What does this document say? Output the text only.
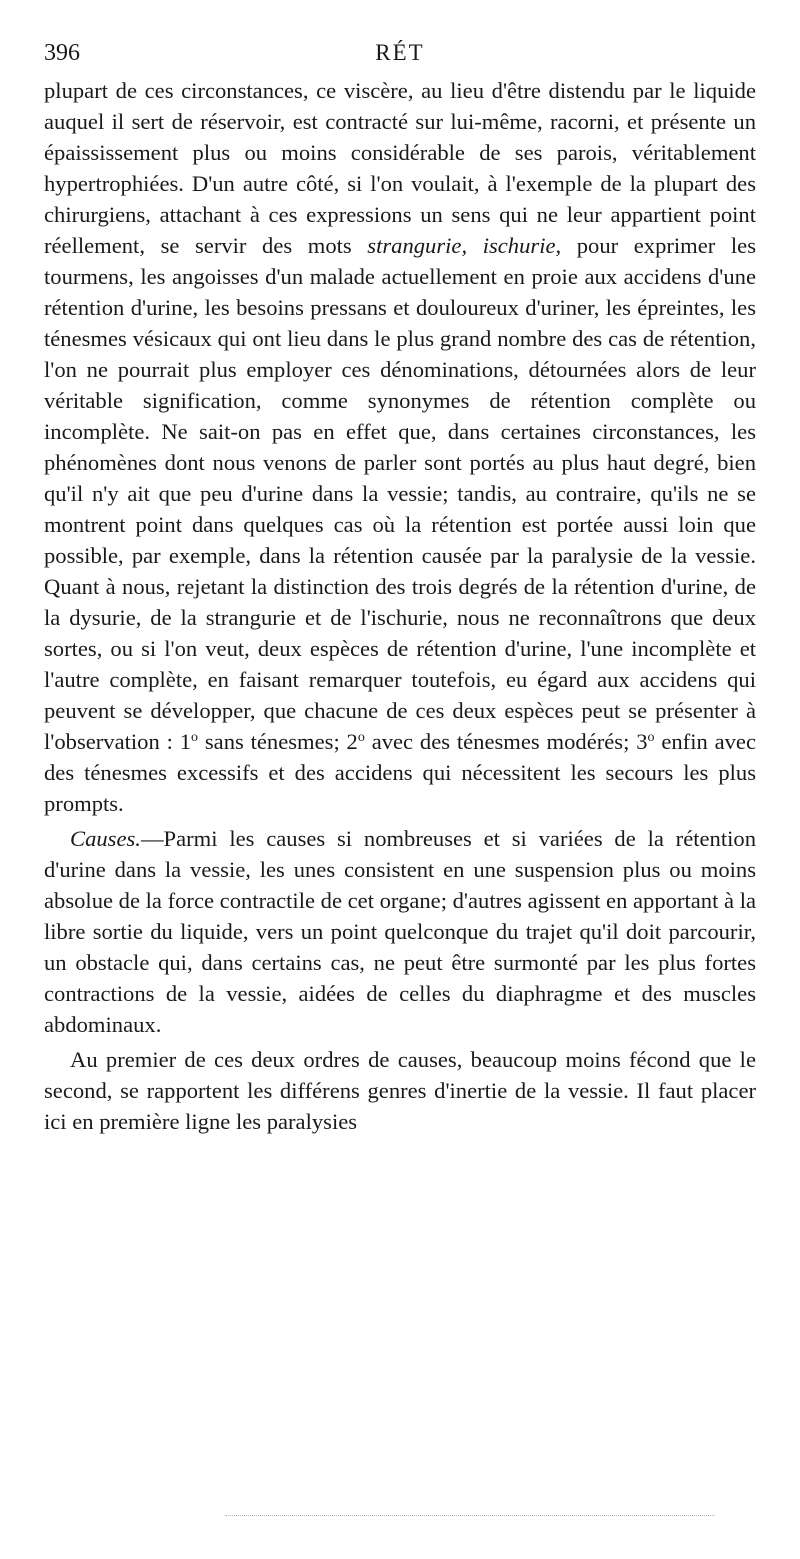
396	RÉT

plupart de ces circonstances, ce viscère, au lieu d'être distendu par le liquide auquel il sert de réservoir, est contracté sur lui-même, racorni, et présente un épaississement plus ou moins considérable de ses parois, véritablement hypertrophiées. D'un autre côté, si l'on voulait, à l'exemple de la plupart des chirurgiens, attachant à ces expressions un sens qui ne leur appartient point réellement, se servir des mots strangurie, ischurie, pour exprimer les tourmens, les angoisses d'un malade actuellement en proie aux accidens d'une rétention d'urine, les besoins pressans et douloureux d'uriner, les épreintes, les ténesmes vésicaux qui ont lieu dans le plus grand nombre des cas de rétention, l'on ne pourrait plus employer ces dénominations, détournées alors de leur véritable signification, comme synonymes de rétention complète ou incomplète. Ne sait-on pas en effet que, dans certaines circonstances, les phénomènes dont nous venons de parler sont portés au plus haut degré, bien qu'il n'y ait que peu d'urine dans la vessie; tandis, au contraire, qu'ils ne se montrent point dans quelques cas où la rétention est portée aussi loin que possible, par exemple, dans la rétention causée par la paralysie de la vessie. Quant à nous, rejetant la distinction des trois degrés de la rétention d'urine, de la dysurie, de la strangurie et de l'ischurie, nous ne reconnaîtrons que deux sortes, ou si l'on veut, deux espèces de rétention d'urine, l'une incomplète et l'autre complète, en faisant remarquer toutefois, eu égard aux accidens qui peuvent se développer, que chacune de ces deux espèces peut se présenter à l'observation : 1$^o$ sans ténesmes; 2$^o$ avec des ténesmes modérés; 3$^o$ enfin avec des ténesmes excessifs et des accidens qui nécessitent les secours les plus prompts.

Causes.—Parmi les causes si nombreuses et si variées de la rétention d'urine dans la vessie, les unes consistent en une suspension plus ou moins absolue de la force contractile de cet organe; d'autres agissent en apportant à la libre sortie du liquide, vers un point quelconque du trajet qu'il doit parcourir, un obstacle qui, dans certains cas, ne peut être surmonté par les plus fortes contractions de la vessie, aidées de celles du diaphragme et des muscles abdominaux.

Au premier de ces deux ordres de causes, beaucoup moins fécond que le second, se rapportent les différens genres d'inertie de la vessie. Il faut placer ici en première ligne les paralysies
